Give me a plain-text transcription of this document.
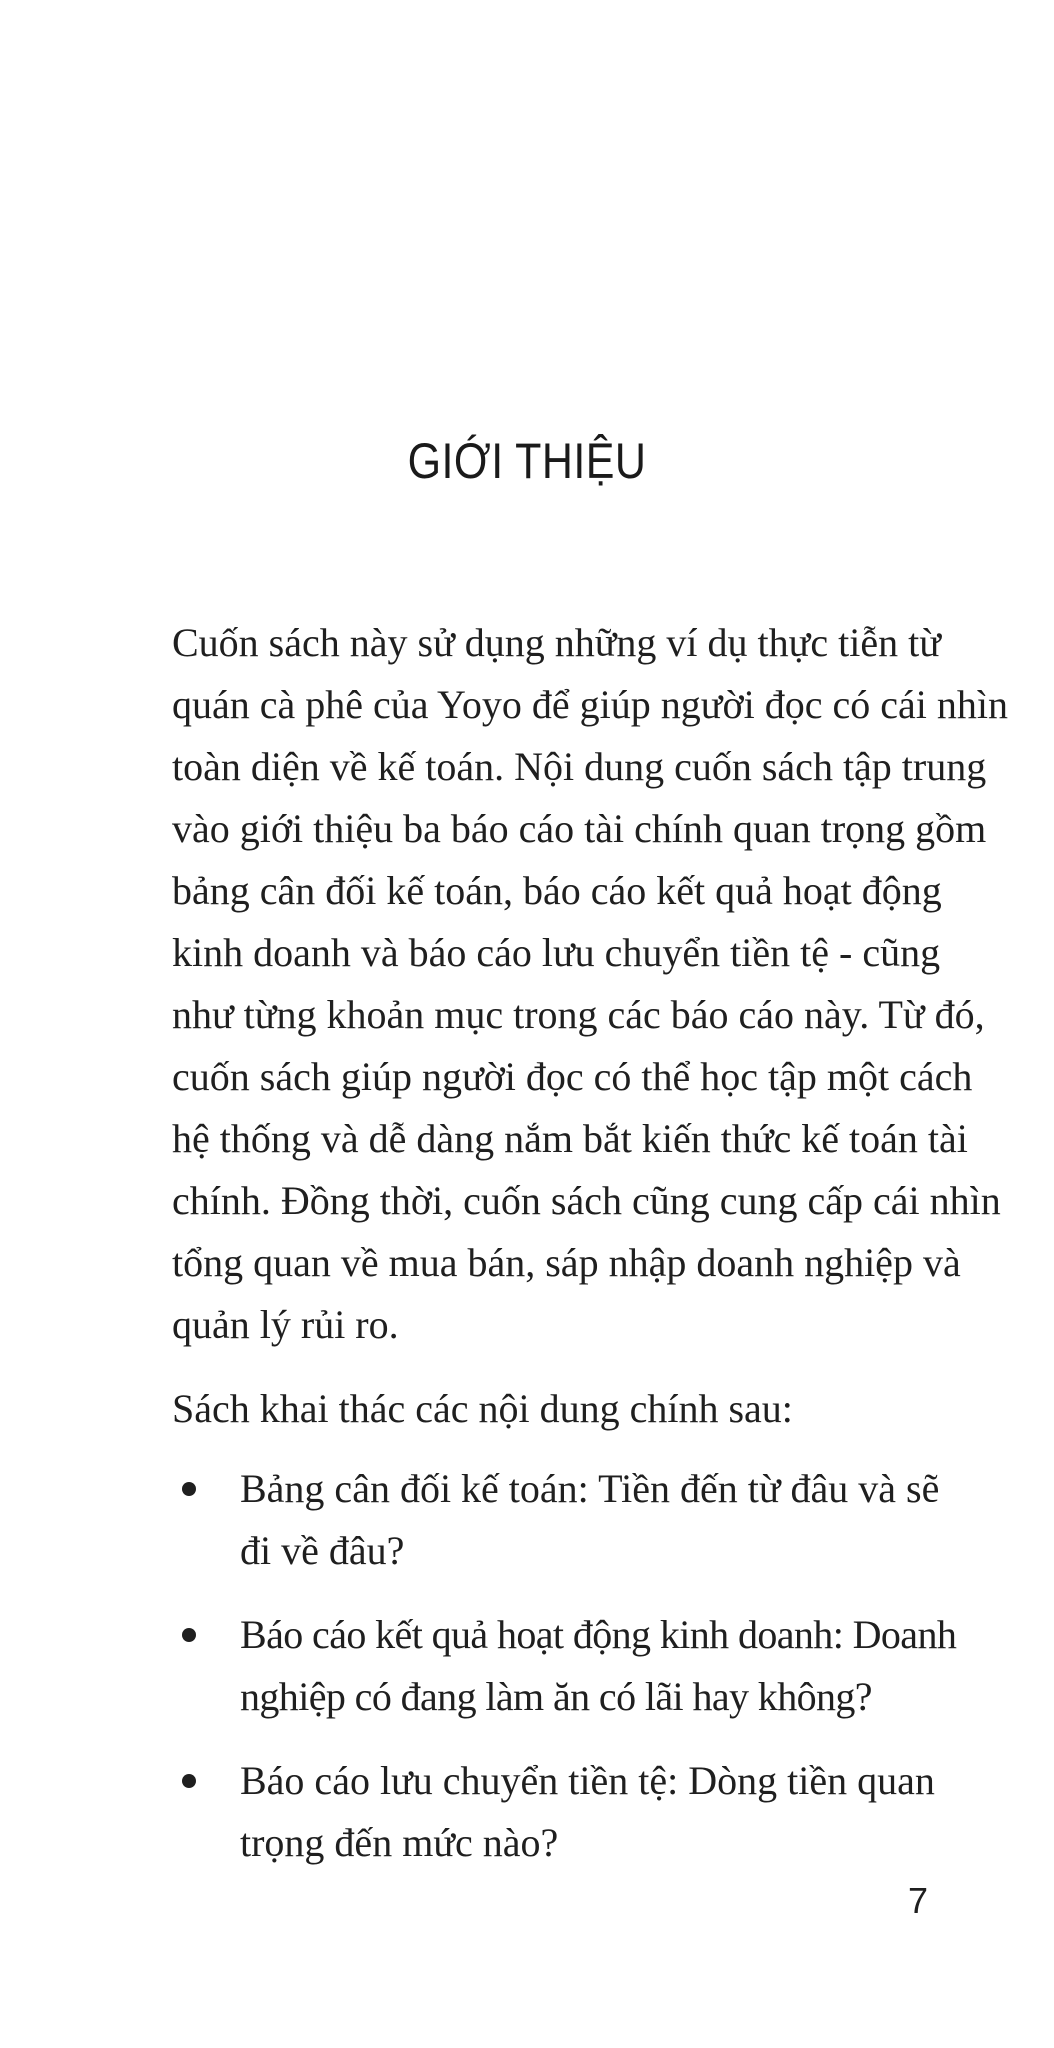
GIỚI THIỆU
Cuốn sách này sử dụng những ví dụ thực tiễn từ
quán cà phê của Yoyo để giúp người đọc có cái nhìn
toàn diện về kế toán. Nội dung cuốn sách tập trung
vào giới thiệu ba báo cáo tài chính quan trọng gồm
bảng cân đối kế toán, báo cáo kết quả hoạt động
kinh doanh và báo cáo lưu chuyển tiền tệ - cũng
như từng khoản mục trong các báo cáo này. Từ đó,
cuốn sách giúp người đọc có thể học tập một cách
hệ thống và dễ dàng nắm bắt kiến thức kế toán tài
chính. Đồng thời, cuốn sách cũng cung cấp cái nhìn
tổng quan về mua bán, sáp nhập doanh nghiệp và
quản lý rủi ro.
Sách khai thác các nội dung chính sau:
Bảng cân đối kế toán: Tiền đến từ đâu và sẽ
đi về đâu?
Báo cáo kết quả hoạt động kinh doanh: Doanh
nghiệp có đang làm ăn có lãi hay không?
Báo cáo lưu chuyển tiền tệ: Dòng tiền quan
trọng đến mức nào?
7
